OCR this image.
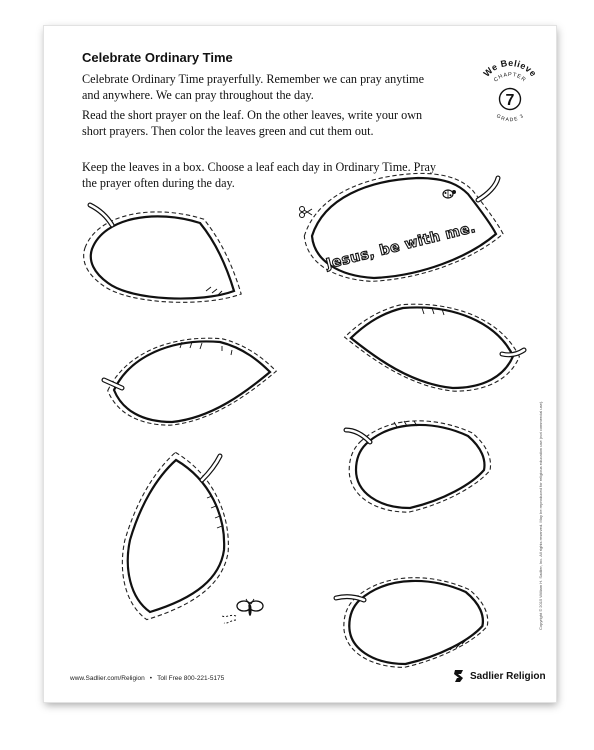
Celebrate Ordinary Time

Celebrate Ordinary Time prayerfully. Remember we can pray anytime and anywhere. We can pray throughout the day.

Read the short prayer on the leaf. On the other leaves, write your own short prayers. Then color the leaves green and cut them out.

Keep the leaves in a box. Choose a leaf each day in Ordinary Time. Pray the prayer often during the day.

We Believe
CHAPTER
7
GRADE 3
Jesus, be with me.
Copyright © 2015 William H. Sadlier, Inc. All rights reserved. May be reproduced for religious education use (not commercial use).
www.Sadlier.com/Religion • Toll Free 800-221-5175	Sadlier Religion
